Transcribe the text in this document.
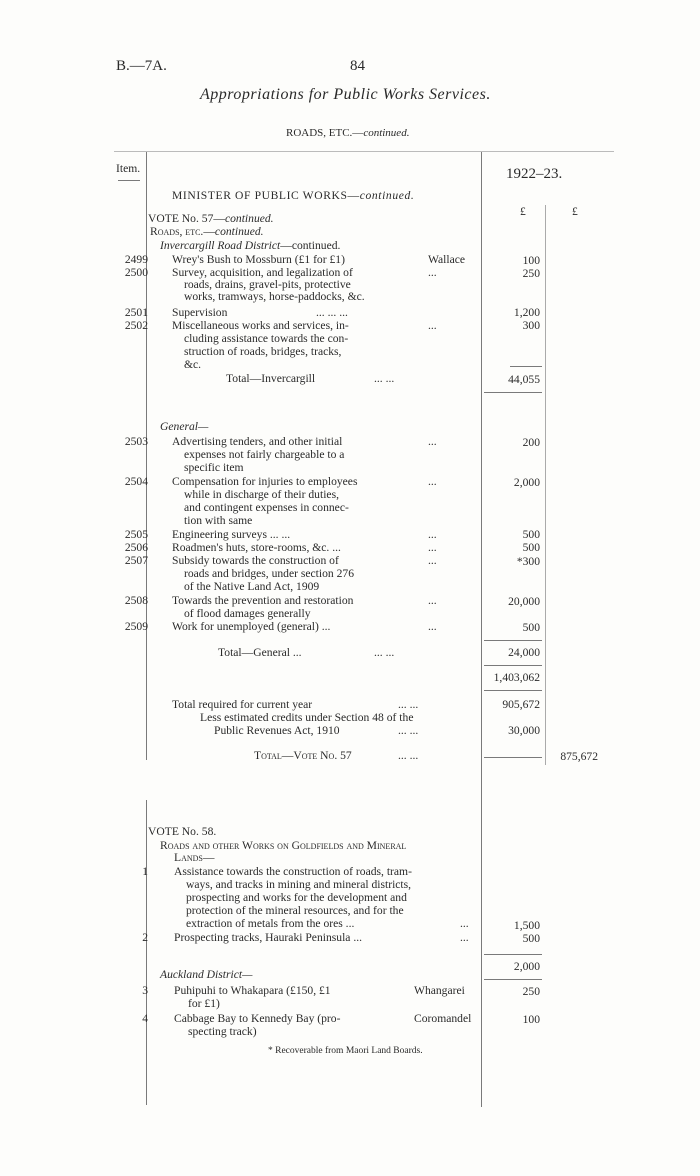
B.—7A.	84
Appropriations for Public Works Services.
ROADS, ETC.—continued.
Item.	1922–23.
£	£
MINISTER OF PUBLIC WORKS—continued.
VOTE No. 57—continued.
Roads, etc.—continued.
Invercargill Road District—continued.
2499 Wrey's Bush to Mossburn (£1 for £1)	Wallace	100
2500 Survey, acquisition, and legalization of
roads, drains, gravel-pits, protective
works, tramways, horse-paddocks, &c.
...	250
2501 Supervision	... ... ...	1,200
2502 Miscellaneous works and services, in-
cluding assistance towards the con-
struction of roads, bridges, tracks,
&c.
...	300
Total—Invercargill	... ...	44,055
General—
2503 Advertising tenders, and other initial
expenses not fairly chargeable to a
specific item
...	200
2504 Compensation for injuries to employees
while in discharge of their duties,
and contingent expenses in connec-
tion with same
...	2,000
2505 Engineering surveys ... ...	...	500
2506 Roadmen's huts, store-rooms, &c. ...	...	500
2507 Subsidy towards the construction of
roads and bridges, under section 276
of the Native Land Act, 1909
...	*300
2508 Towards the prevention and restoration
of flood damages generally
...	20,000
2509 Work for unemployed (general) ...	...	500
Total—General ...	... ...	24,000
1,403,062
Total required for current year	... ...	905,672
Less estimated credits under Section 48 of the
Public Revenues Act, 1910	... ...	30,000
Total—Vote No. 57	... ...	875,672
VOTE No. 58.
Roads and other Works on Goldfields and Mineral
Lands—
1 Assistance towards the construction of roads, tram-
ways, and tracks in mining and mineral districts,
prospecting and works for the development and
protection of the mineral resources, and for the
extraction of metals from the ores ...	...	1,500
2 Prospecting tracks, Hauraki Peninsula ...	...	500
2,000
Auckland District—
3 Puhipuhi to Whakapara (£150, £1
for £1)
Whangarei	250
4 Cabbage Bay to Kennedy Bay (pro-
specting track)
Coromandel	100
* Recoverable from Maori Land Boards.
